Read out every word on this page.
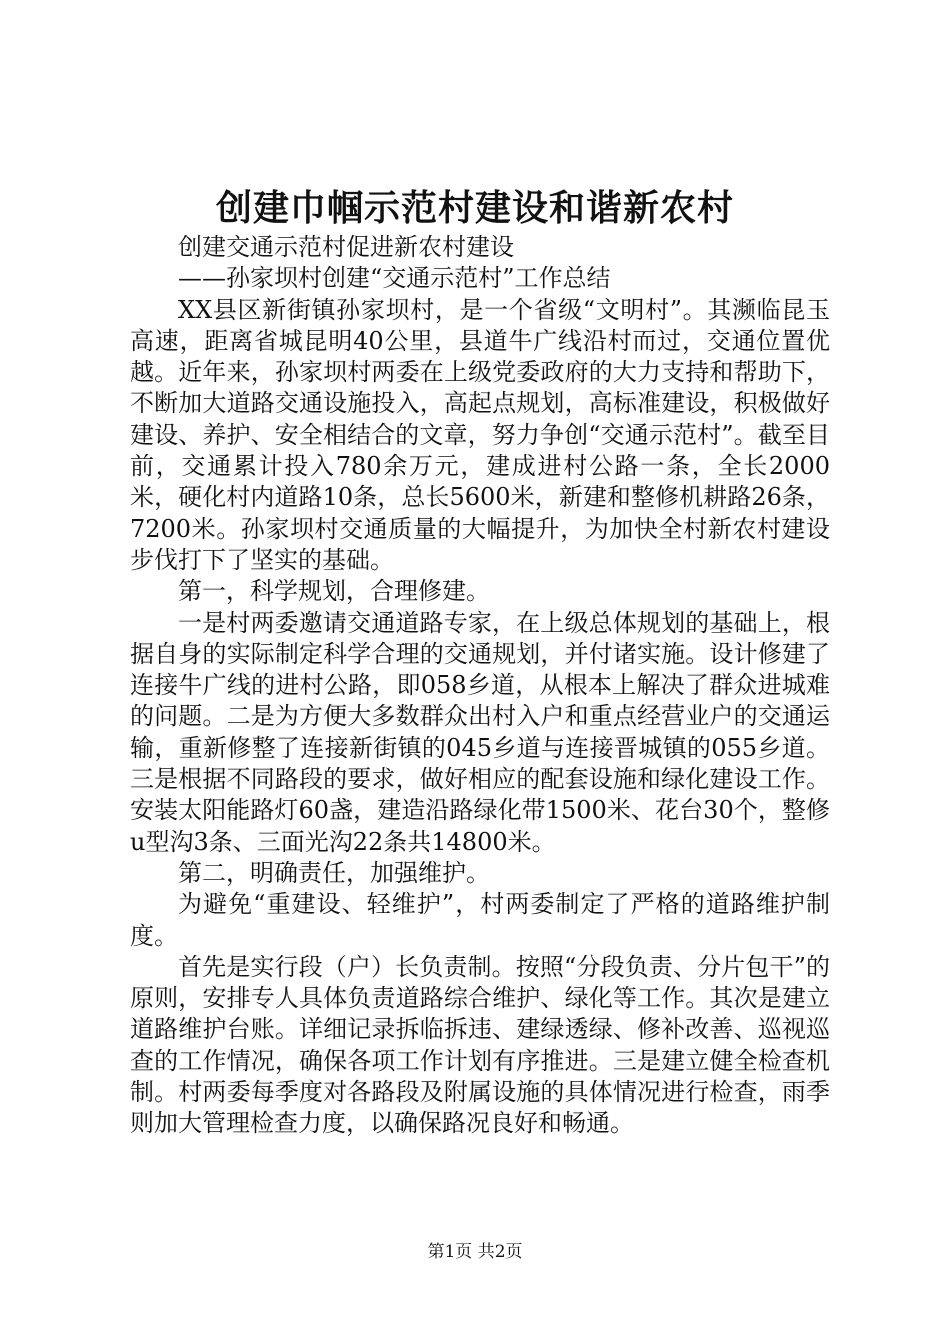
创建巾帼示范村建设和谐新农村

创建交通示范村促进新农村建设

——孙家坝村创建“交通示范村”工作总结

XX县区新街镇孙家坝村，是一个省级“文明村”。其濒临昆玉高速，距离省城昆明40公里，县道牛广线沿村而过，交通位置优越。近年来，孙家坝村两委在上级党委政府的大力支持和帮助下，不断加大道路交通设施投入，高起点规划，高标准建设，积极做好建设、养护、安全相结合的文章，努力争创“交通示范村”。截至目前，交通累计投入780余万元，建成进村公路一条，全长2000米，硬化村内道路10条，总长5600米，新建和整修机耕路26条，7200米。孙家坝村交通质量的大幅提升，为加快全村新农村建设步伐打下了坚实的基础。

第一，科学规划，合理修建。

一是村两委邀请交通道路专家，在上级总体规划的基础上，根据自身的实际制定科学合理的交通规划，并付诸实施。设计修建了连接牛广线的进村公路，即058乡道，从根本上解决了群众进城难的问题。二是为方便大多数群众出村入户和重点经营业户的交通运输，重新修整了连接新街镇的045乡道与连接晋城镇的055乡道。三是根据不同路段的要求，做好相应的配套设施和绿化建设工作。安装太阳能路灯60盏，建造沿路绿化带1500米、花台30个，整修u型沟3条、三面光沟22条共14800米。

第二，明确责任，加强维护。

为避免“重建设、轻维护”，村两委制定了严格的道路维护制度。

首先是实行段（户）长负责制。按照“分段负责、分片包干”的原则，安排专人具体负责道路综合维护、绿化等工作。其次是建立道路维护台账。详细记录拆临拆违、建绿透绿、修补改善、巡视巡查的工作情况，确保各项工作计划有序推进。三是建立健全检查机制。村两委每季度对各路段及附属设施的具体情况进行检查，雨季则加大管理检查力度，以确保路况良好和畅通。

第1页 共2页
